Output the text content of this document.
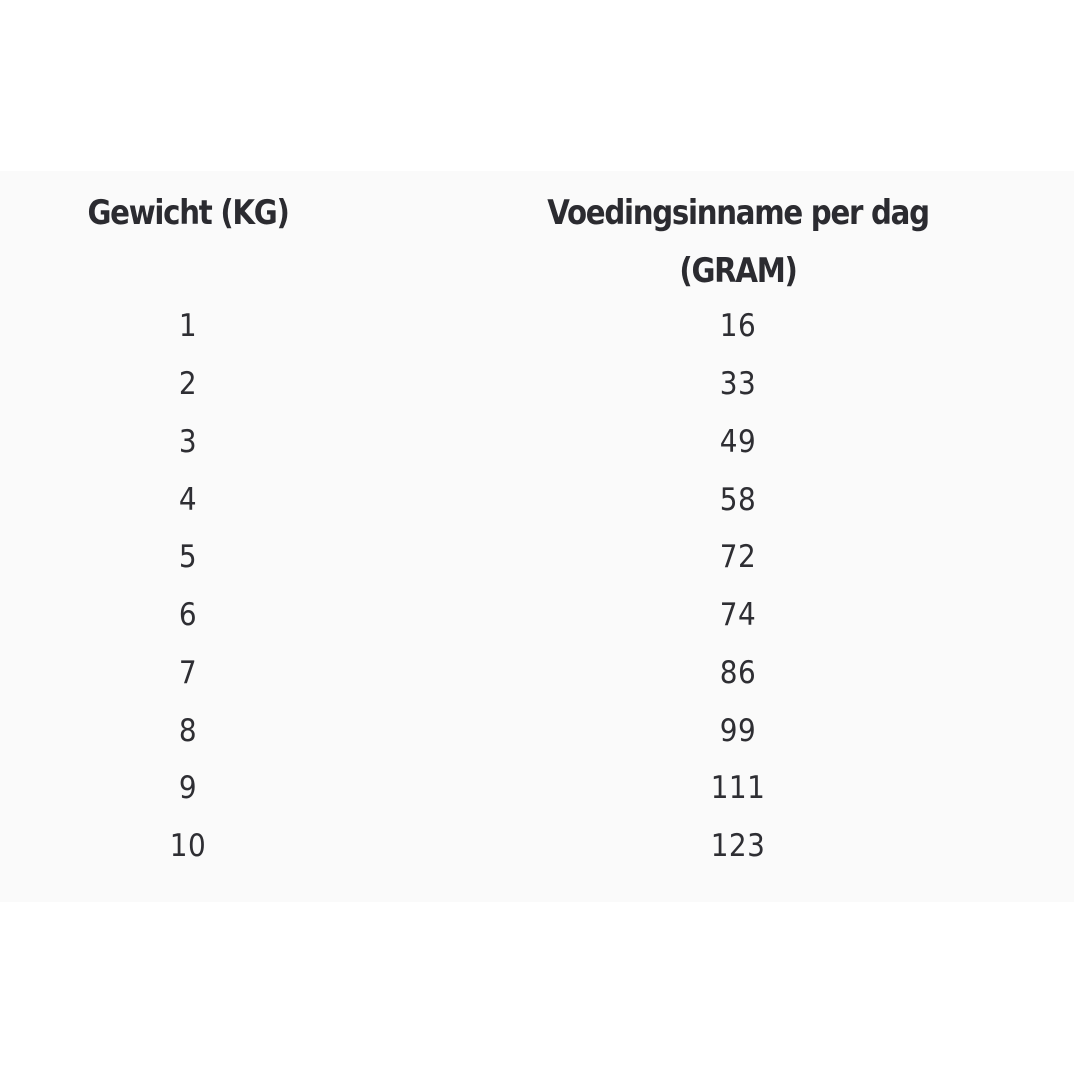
Gewicht (KG)	Voedingsinname per dag
(GRAM)
1	16
2	33
3	49
4	58
5	72
6	74
7	86
8	99
9	111
10	123
